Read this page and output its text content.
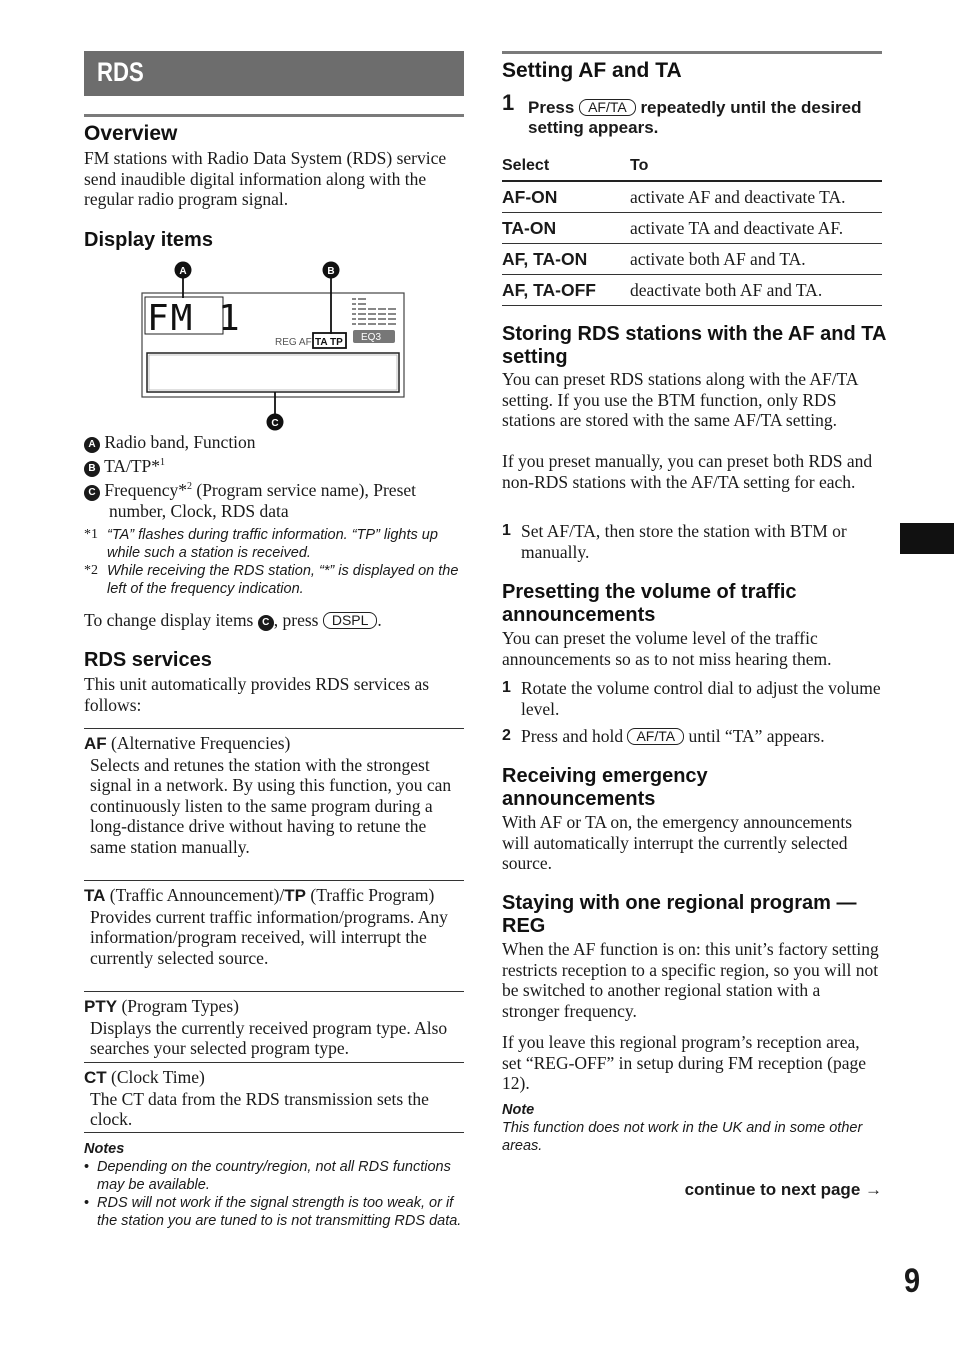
RDS
Overview

FM stations with Radio Data System (RDS) service send inaudible digital information along with the regular radio program signal.

Display items
FM 1
REG AF TA TP EQ3
A	B
C
A Radio band, Function
B TA/TP*$^1$
C Frequency*$^2$ (Program service name), Preset number, Clock, RDS data
*1 “TA” flashes during traffic information. “TP” lights up while such a station is received.
*2 While receiving the RDS station, “*” is displayed on the left of the frequency indication.

To change display items C , press DSPL .

RDS services

This unit automatically provides RDS services as follows:

AF (Alternative Frequencies)
Selects and retunes the station with the strongest signal in a network. By using this function, you can continuously listen to the same program during a long-distance drive without having to retune the same station manually.
TA (Traffic Announcement)/TP (Traffic Program)
Provides current traffic information/programs. Any information/program received, will interrupt the currently selected source.
PTY (Program Types)
Displays the currently received program type. Also searches your selected program type.
CT (Clock Time)
The CT data from the RDS transmission sets the clock.
Notes
• Depending on the country/region, not all RDS functions may be available.
• RDS will not work if the signal strength is too weak, or if the station you are tuned to is not transmitting RDS data.
Setting AF and TA
1 Press AF/TA repeatedly until the desired setting appears.
Select	To
AF-ON	activate AF and deactivate TA.
TA-ON	activate TA and deactivate AF.
AF, TA-ON	activate both AF and TA.
AF, TA-OFF	deactivate both AF and TA.
Storing RDS stations with the AF and TA setting

You can preset RDS stations along with the AF/TA setting. If you use the BTM function, only RDS stations are stored with the same AF/TA setting.

If you preset manually, you can preset both RDS and non-RDS stations with the AF/TA setting for each.

1 Set AF/TA, then store the station with BTM or manually.
Presetting the volume of traffic announcements

You can preset the volume level of the traffic announcements so as to not miss hearing them.

1 Rotate the volume control dial to adjust the volume level.
2 Press and hold AF/TA until “TA” appears.
Receiving emergency announcements

With AF or TA on, the emergency announcements will automatically interrupt the currently selected source.

Staying with one regional program — REG

When the AF function is on: this unit’s factory setting restricts reception to a specific region, so you will not be switched to another regional station with a stronger frequency.

If you leave this regional program’s reception area, set “REG-OFF” in setup during FM reception (page 12).

Note
This function does not work in the UK and in some other areas.
continue to next page →
9
